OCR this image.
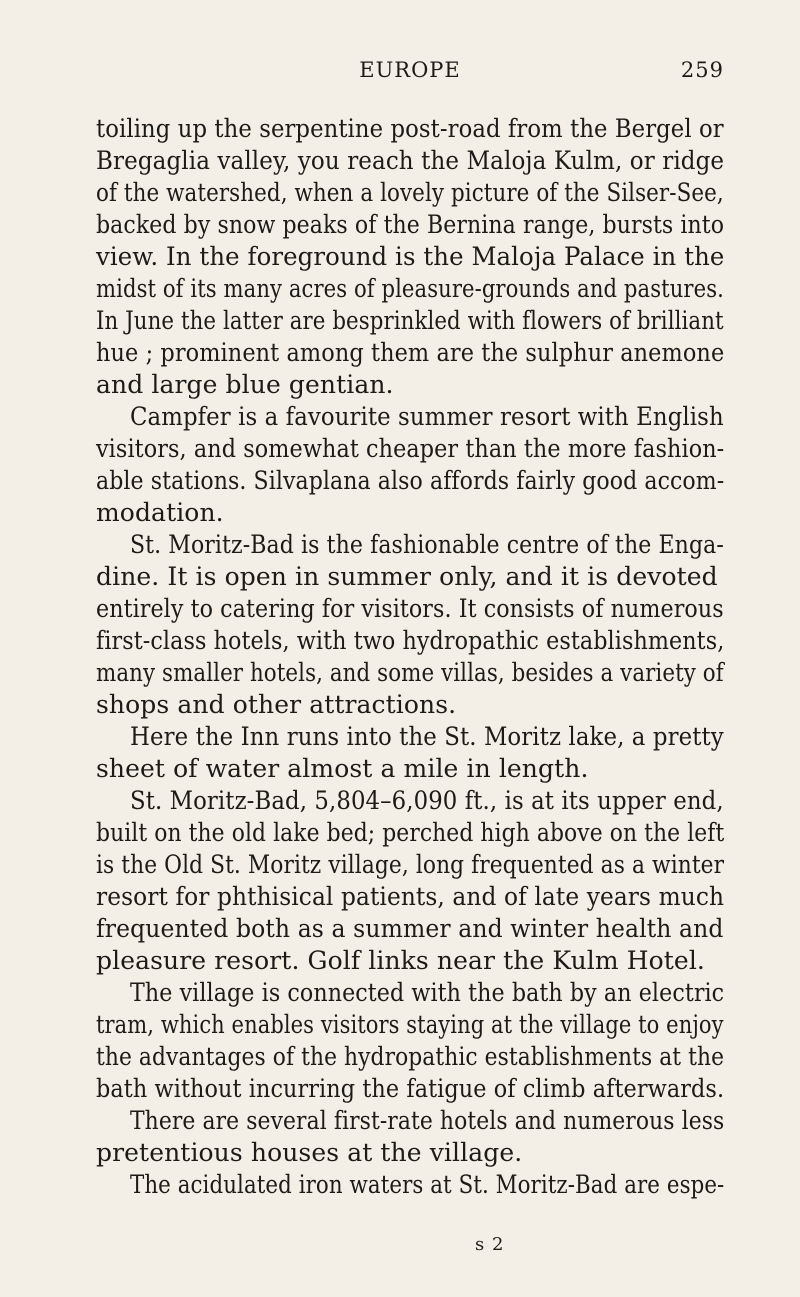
EUROPE	259
toiling up the serpentine post-road from the Bergel or
Bregaglia valley, you reach the Maloja Kulm, or ridge
of the watershed, when a lovely picture of the Silser-See,
backed by snow peaks of the Bernina range, bursts into
view. In the foreground is the Maloja Palace in the
midst of its many acres of pleasure-grounds and pastures.
In June the latter are besprinkled with flowers of brilliant
hue ; prominent among them are the sulphur anemone
and large blue gentian.
Campfer is a favourite summer resort with English
visitors, and somewhat cheaper than the more fashion-
able stations. Silvaplana also affords fairly good accom-
modation.
St. Moritz-Bad is the fashionable centre of the Enga-
dine. It is open in summer only, and it is devoted
entirely to catering for visitors. It consists of numerous
first-class hotels, with two hydropathic establishments,
many smaller hotels, and some villas, besides a variety of
shops and other attractions.
Here the Inn runs into the St. Moritz lake, a pretty
sheet of water almost a mile in length.
St. Moritz-Bad, 5,804–6,090 ft., is at its upper end,
built on the old lake bed; perched high above on the left
is the Old St. Moritz village, long frequented as a winter
resort for phthisical patients, and of late years much
frequented both as a summer and winter health and
pleasure resort. Golf links near the Kulm Hotel.
The village is connected with the bath by an electric
tram, which enables visitors staying at the village to enjoy
the advantages of the hydropathic establishments at the
bath without incurring the fatigue of climb afterwards.
There are several first-rate hotels and numerous less
pretentious houses at the village.
The acidulated iron waters at St. Moritz-Bad are espe-
s 2
